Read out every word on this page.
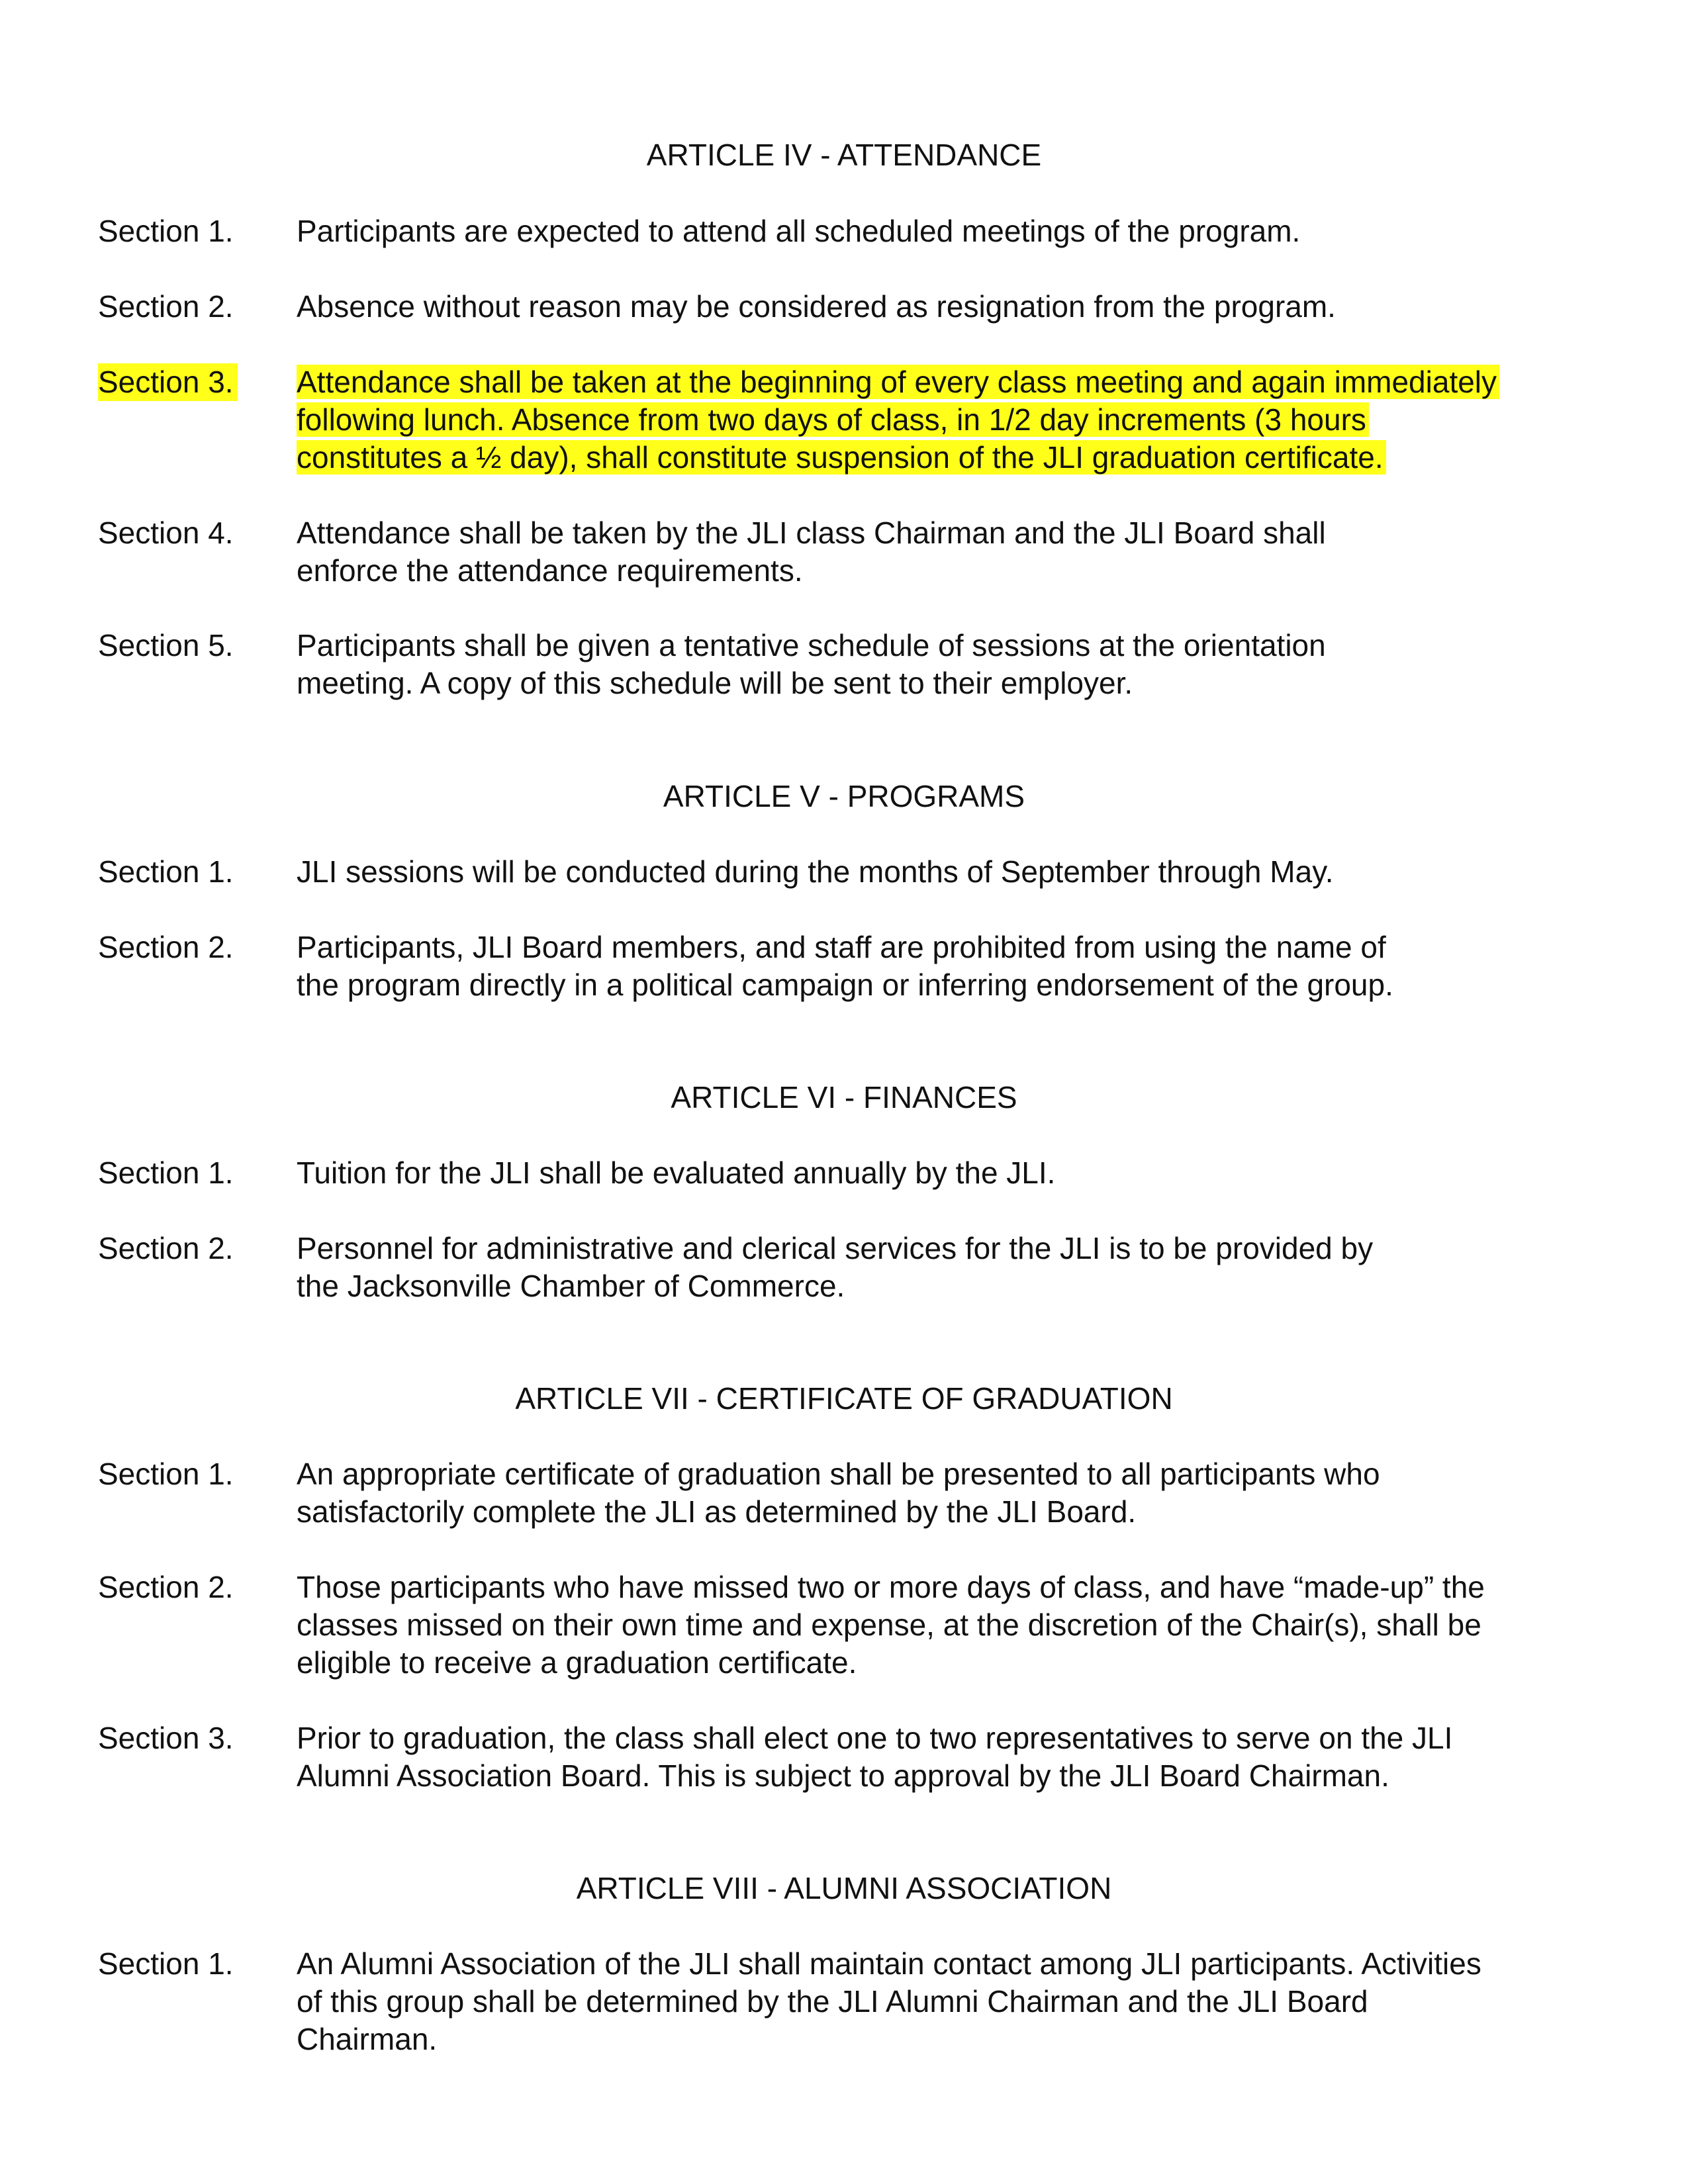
ARTICLE IV - ATTENDANCE
Section 1. Participants are expected to attend all scheduled meetings of the program.
Section 2. Absence without reason may be considered as resignation from the program.
Section 3. Attendance shall be taken at the beginning of every class meeting and again immediately
following lunch. Absence from two days of class, in 1/2 day increments (3 hours
constitutes a ½ day), shall constitute suspension of the JLI graduation certificate.
Section 4. Attendance shall be taken by the JLI class Chairman and the JLI Board shall
enforce the attendance requirements.
Section 5. Participants shall be given a tentative schedule of sessions at the orientation
meeting. A copy of this schedule will be sent to their employer.
ARTICLE V - PROGRAMS
Section 1. JLI sessions will be conducted during the months of September through May.
Section 2. Participants, JLI Board members, and staff are prohibited from using the name of
the program directly in a political campaign or inferring endorsement of the group.
ARTICLE VI - FINANCES
Section 1. Tuition for the JLI shall be evaluated annually by the JLI.
Section 2. Personnel for administrative and clerical services for the JLI is to be provided by
the Jacksonville Chamber of Commerce.
ARTICLE VII - CERTIFICATE OF GRADUATION
Section 1. An appropriate certificate of graduation shall be presented to all participants who
satisfactorily complete the JLI as determined by the JLI Board.
Section 2. Those participants who have missed two or more days of class, and have “made-up” the
classes missed on their own time and expense, at the discretion of the Chair(s), shall be
eligible to receive a graduation certificate.
Section 3. Prior to graduation, the class shall elect one to two representatives to serve on the JLI
Alumni Association Board. This is subject to approval by the JLI Board Chairman.
ARTICLE VIII - ALUMNI ASSOCIATION
Section 1. An Alumni Association of the JLI shall maintain contact among JLI participants. Activities
of this group shall be determined by the JLI Alumni Chairman and the JLI Board
Chairman.
